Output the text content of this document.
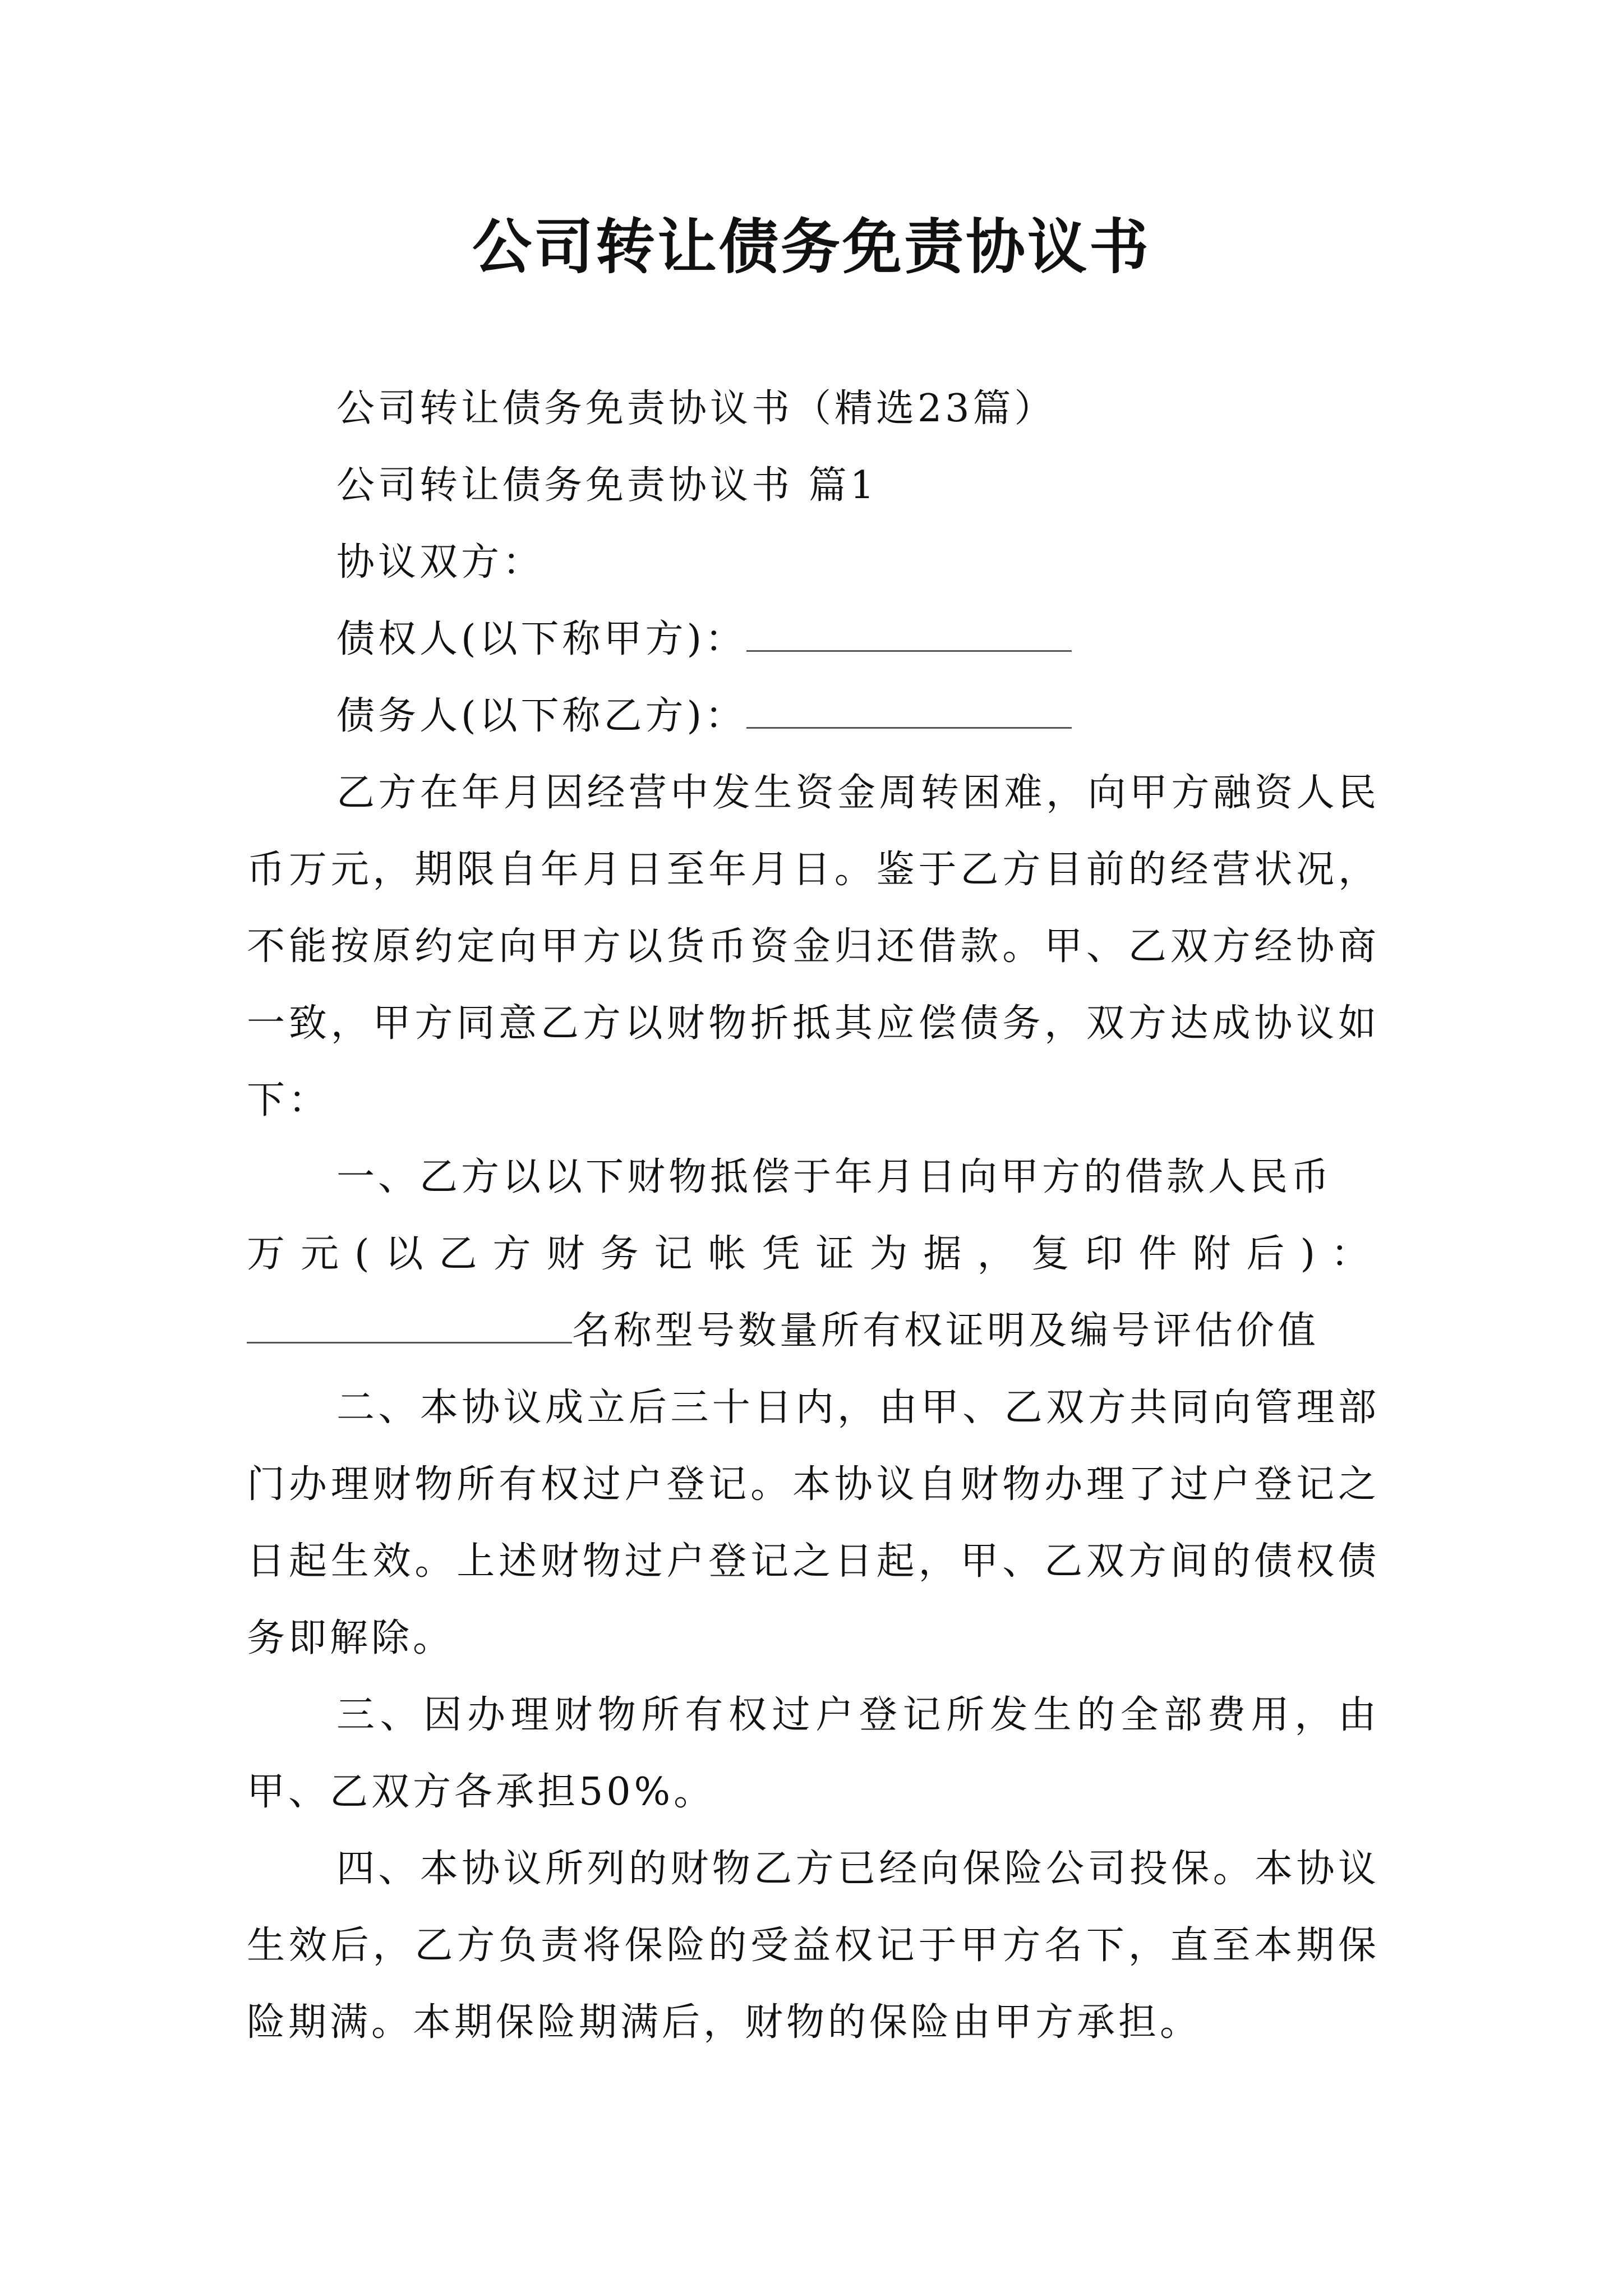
公司转让债务免责协议书

公司转让债务免责协议书（精选23篇）

公司转让债务免责协议书 篇1

协议双方：

债权人(以下称甲方)：

债务人(以下称乙方)：

乙方在年月因经营中发生资金周转困难，向甲方融资人民币万元，期限自年月日至年月日。鉴于乙方目前的经营状况，不能按原约定向甲方以货币资金归还借款。甲、乙双方经协商一致，甲方同意乙方以财物折抵其应偿债务，双方达成协议如下：

一、乙方以以下财物抵偿于年月日向甲方的借款人民币

万元(以乙方财务记帐凭证为据，复印件附后)：

名称型号数量所有权证明及编号评估价值

二、本协议成立后三十日内，由甲、乙双方共同向管理部门办理财物所有权过户登记。本协议自财物办理了过户登记之日起生效。上述财物过户登记之日起，甲、乙双方间的债权债务即解除。

三、因办理财物所有权过户登记所发生的全部费用，由甲、乙双方各承担50%。

四、本协议所列的财物乙方已经向保险公司投保。本协议生效后，乙方负责将保险的受益权记于甲方名下，直至本期保险期满。本期保险期满后，财物的保险由甲方承担。
